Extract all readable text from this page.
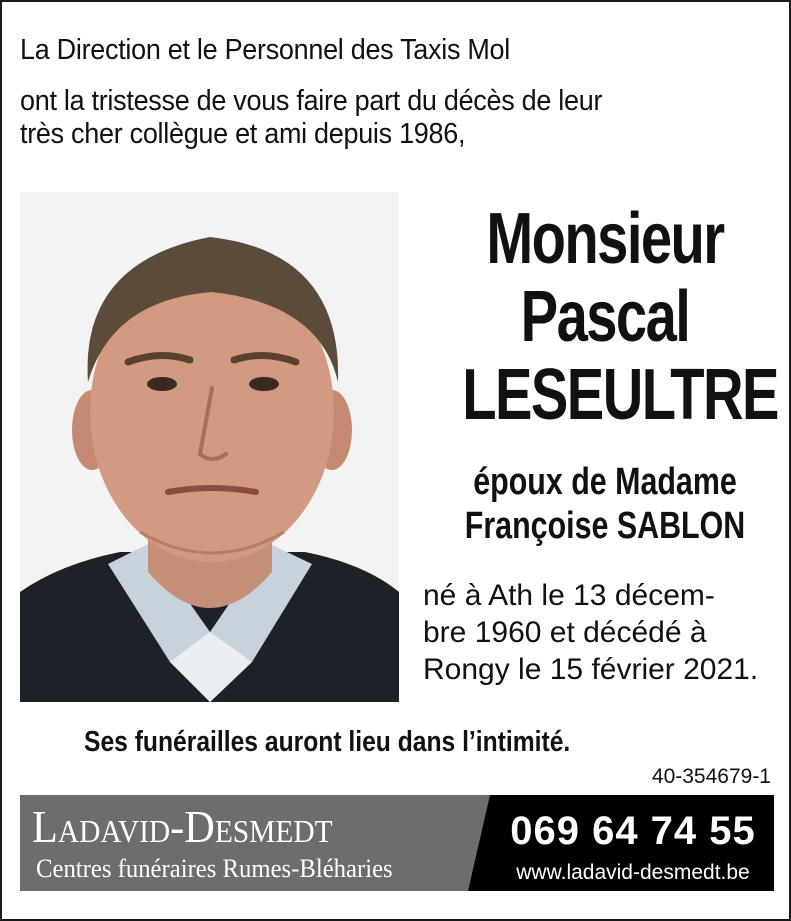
La Direction et le Personnel des Taxis Mol
ont la tristesse de vous faire part du décès de leur
très cher collègue et ami depuis 1986,
Monsieur
Pascal
LESEULTRE
époux de Madame
Françoise SABLON
né à Ath le 13 décem-
bre 1960 et décédé à
Rongy le 15 février 2021.
Ses funérailles auront lieu dans l’intimité.
40-354679-1
Ladavid-Desmedt
Centres funéraires Rumes-Bléharies
069 64 74 55
www.ladavid-desmedt.be
